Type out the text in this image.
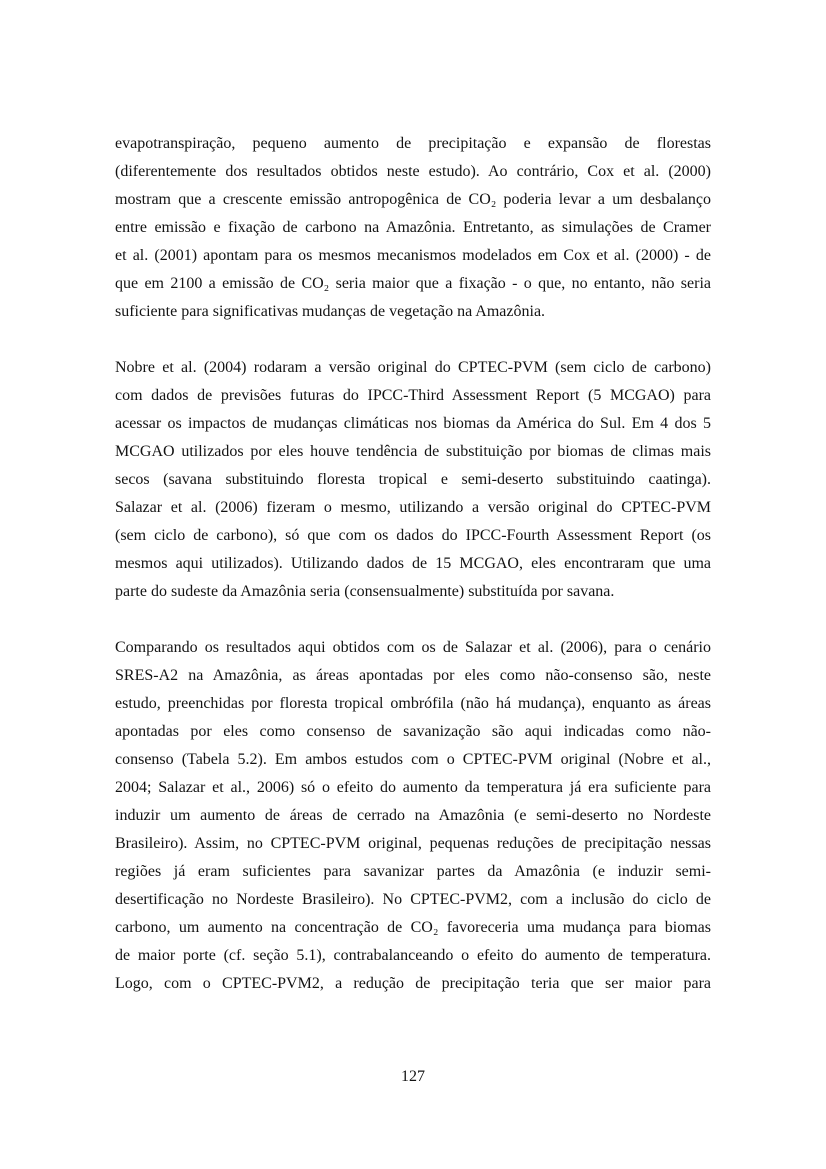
evapotranspiração, pequeno aumento de precipitação e expansão de florestas
(diferentemente dos resultados obtidos neste estudo). Ao contrário, Cox et al. (2000)
mostram que a crescente emissão antropogênica de CO₂ poderia levar a um desbalanço
entre emissão e fixação de carbono na Amazônia. Entretanto, as simulações de Cramer
et al. (2001) apontam para os mesmos mecanismos modelados em Cox et al. (2000) - de
que em 2100 a emissão de CO₂ seria maior que a fixação - o que, no entanto, não seria
suficiente para significativas mudanças de vegetação na Amazônia.
Nobre et al. (2004) rodaram a versão original do CPTEC-PVM (sem ciclo de carbono)
com dados de previsões futuras do IPCC-Third Assessment Report (5 MCGAO) para
acessar os impactos de mudanças climáticas nos biomas da América do Sul. Em 4 dos 5
MCGAO utilizados por eles houve tendência de substituição por biomas de climas mais
secos (savana substituindo floresta tropical e semi-deserto substituindo caatinga).
Salazar et al. (2006) fizeram o mesmo, utilizando a versão original do CPTEC-PVM
(sem ciclo de carbono), só que com os dados do IPCC-Fourth Assessment Report (os
mesmos aqui utilizados). Utilizando dados de 15 MCGAO, eles encontraram que uma
parte do sudeste da Amazônia seria (consensualmente) substituída por savana.
Comparando os resultados aqui obtidos com os de Salazar et al. (2006), para o cenário
SRES-A2 na Amazônia, as áreas apontadas por eles como não-consenso são, neste
estudo, preenchidas por floresta tropical ombrófila (não há mudança), enquanto as áreas
apontadas por eles como consenso de savanização são aqui indicadas como não-
consenso (Tabela 5.2). Em ambos estudos com o CPTEC-PVM original (Nobre et al.,
2004; Salazar et al., 2006) só o efeito do aumento da temperatura já era suficiente para
induzir um aumento de áreas de cerrado na Amazônia (e semi-deserto no Nordeste
Brasileiro). Assim, no CPTEC-PVM original, pequenas reduções de precipitação nessas
regiões já eram suficientes para savanizar partes da Amazônia (e induzir semi-
desertificação no Nordeste Brasileiro). No CPTEC-PVM2, com a inclusão do ciclo de
carbono, um aumento na concentração de CO₂ favoreceria uma mudança para biomas
de maior porte (cf. seção 5.1), contrabalanceando o efeito do aumento de temperatura.
Logo, com o CPTEC-PVM2, a redução de precipitação teria que ser maior para
127
